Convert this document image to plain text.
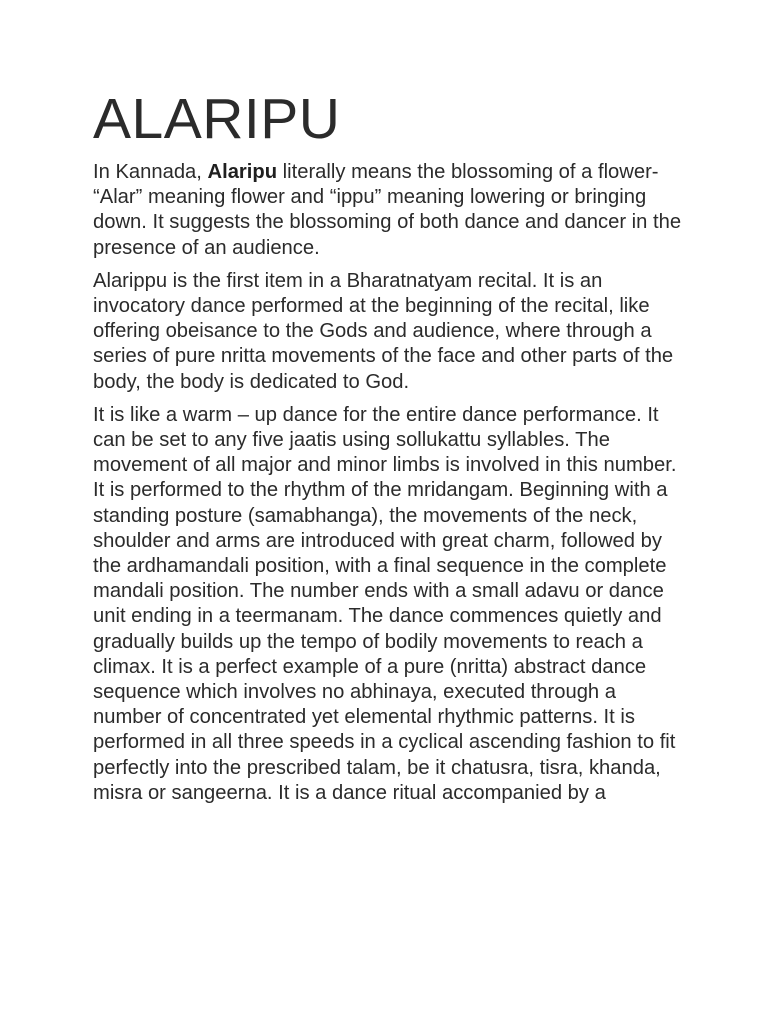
ALARIPU

In Kannada, Alaripu literally means the blossoming of a flower- “Alar” meaning flower and “ippu” meaning lowering or bringing down. It suggests the blossoming of both dance and dancer in the presence of an audience.

Alarippu is the first item in a Bharatnatyam recital. It is an invocatory dance performed at the beginning of the recital, like offering obeisance to the Gods and audience, where through a series of pure nritta movements of the face and other parts of the body, the body is dedicated to God.

It is like a warm – up dance for the entire dance performance. It can be set to any five jaatis using sollukattu syllables. The movement of all major and minor limbs is involved in this number. It is performed to the rhythm of the mridangam. Beginning with a standing posture (samabhanga), the movements of the neck, shoulder and arms are introduced with great charm, followed by the ardhamandali position, with a final sequence in the complete mandali position. The number ends with a small adavu or dance unit ending in a teermanam. The dance commences quietly and gradually builds up the tempo of bodily movements to reach a climax. It is a perfect example of a pure (nritta) abstract dance sequence which involves no abhinaya, executed through a number of concentrated yet elemental rhythmic patterns. It is performed in all three speeds in a cyclical ascending fashion to fit perfectly into the prescribed talam, be it chatusra, tisra, khanda, misra or sangeerna. It is a dance ritual accompanied by a
